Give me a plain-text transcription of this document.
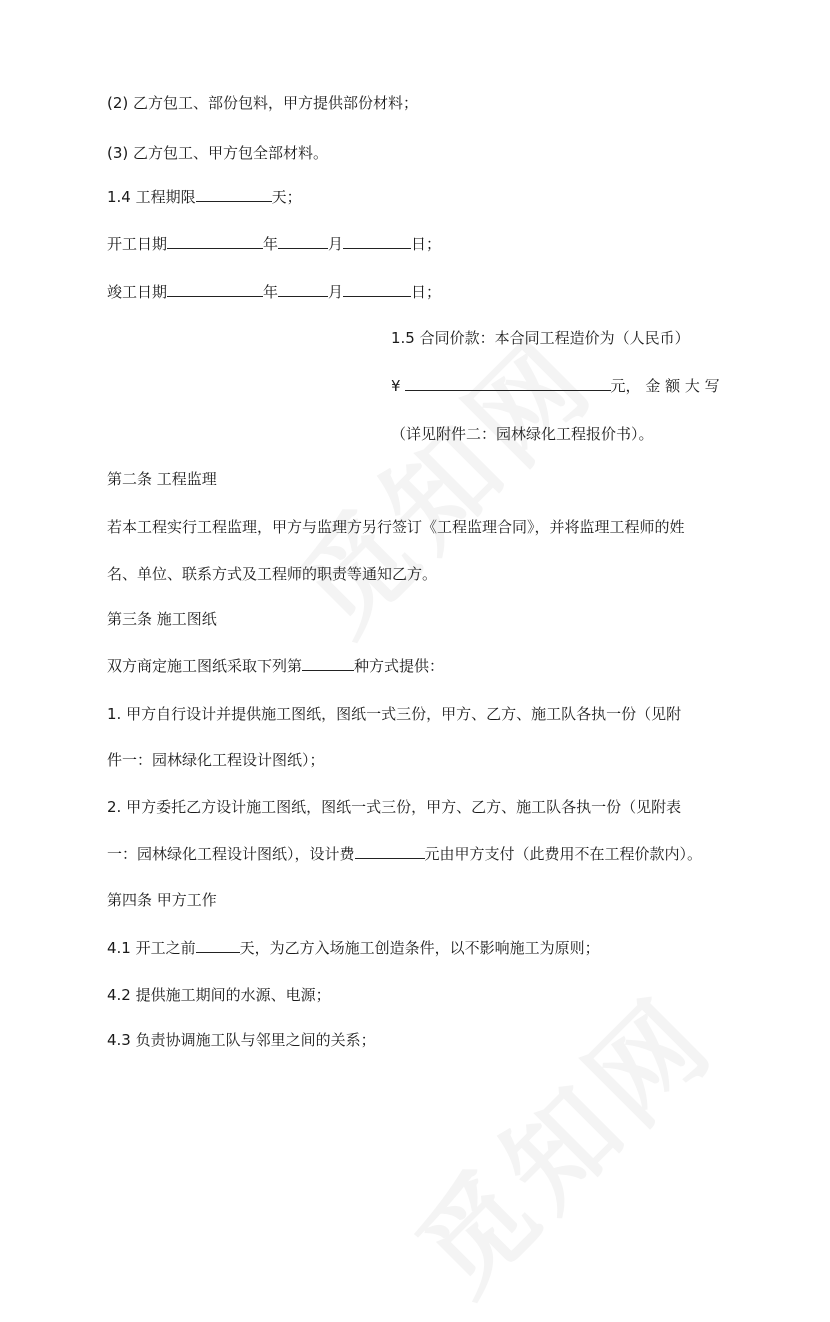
(2) 乙方包工、部份包料，甲方提供部份材料；
(3) 乙方包工、甲方包全部材料。
1.4 工程期限	天；
开工日期	年	月	日；
竣工日期	年	月	日；
1.5 合同价款：本合同工程造价为（人民币）
¥	元， 金 额 大 写
（详见附件二：园林绿化工程报价书）。
第二条 工程监理
若本工程实行工程监理，甲方与监理方另行签订《工程监理合同》，并将监理工程师的姓
名、单位、联系方式及工程师的职责等通知乙方。
第三条 施工图纸
双方商定施工图纸采取下列第	种方式提供：
1. 甲方自行设计并提供施工图纸，图纸一式三份，甲方、乙方、施工队各执一份（见附
件一：园林绿化工程设计图纸）；
2. 甲方委托乙方设计施工图纸，图纸一式三份，甲方、乙方、施工队各执一份（见附表
一：园林绿化工程设计图纸），设计费	元由甲方支付（此费用不在工程价款内）。
第四条 甲方工作
4.1 开工之前	天，为乙方入场施工创造条件，以不影响施工为原则；
4.2 提供施工期间的水源、电源；
4.3 负责协调施工队与邻里之间的关系；
